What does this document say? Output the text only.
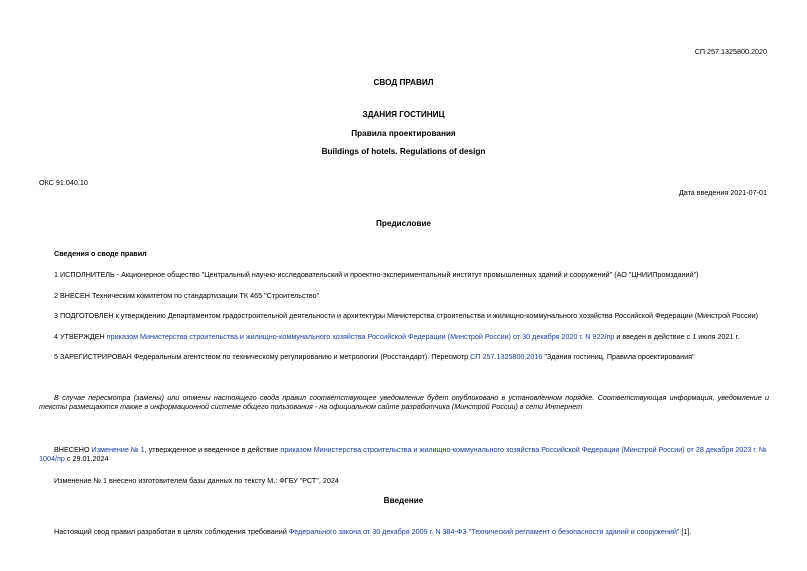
СП 257.1325800.2020
СВОД ПРАВИЛ
ЗДАНИЯ ГОСТИНИЦ
Правила проектирования
Buildings of hotels. Regulations of design
ОКС 91.040.10
Дата введения 2021-07-01
Предисловие
Сведения о своде правил
1 ИСПОЛНИТЕЛЬ - Акционерное общество "Центральный научно-исследовательский и проектно-экспериментальный институт промышленных зданий и сооружений" (АО "ЦНИИПромзданий")
2 ВНЕСЕН Техническим комитетом по стандартизации ТК 465 "Строительство"
3 ПОДГОТОВЛЕН к утверждению Департаментом градостроительной деятельности и архитектуры Министерства строительства и жилищно-коммунального хозяйства Российской Федерации (Минстрой России)
4 УТВЕРЖДЕН приказом Министерства строительства и жилищно-коммунального хозяйства Российской Федерации (Минстрой России) от 30 декабря 2020 г. N 922/пр и введен в действие с 1 июля 2021 г.
5 ЗАРЕГИСТРИРОВАН Федеральным агентством по техническому регулированию и метрологии (Росстандарт). Пересмотр СП 257.1325800.2016 "Здания гостиниц. Правила проектирования"
В случае пересмотра (замены) или отмены настоящего свода правил соответствующее уведомление будет опубликовано в установленном порядке. Соответствующая информация, уведомление и тексты размещаются также в информационной системе общего пользования - на официальном сайте разработчика (Минстрой России) в сети Интернет
ВНЕСЕНО Изменение № 1, утвержденное и введенное в действие приказом Министерства строительства и жилищно-коммунального хозяйства Российской Федерации (Минстрой России) от 28 декабря 2023 г. № 1004/пр с 29.01.2024
Изменение № 1 внесено изготовителем базы данных по тексту М.: ФГБУ "РСТ", 2024
Введение
Настоящий свод правил разработан в целях соблюдения требований Федерального закона от 30 декабря 2009 г. N 384-ФЗ "Технический регламент о безопасности зданий и сооружений" [1].
